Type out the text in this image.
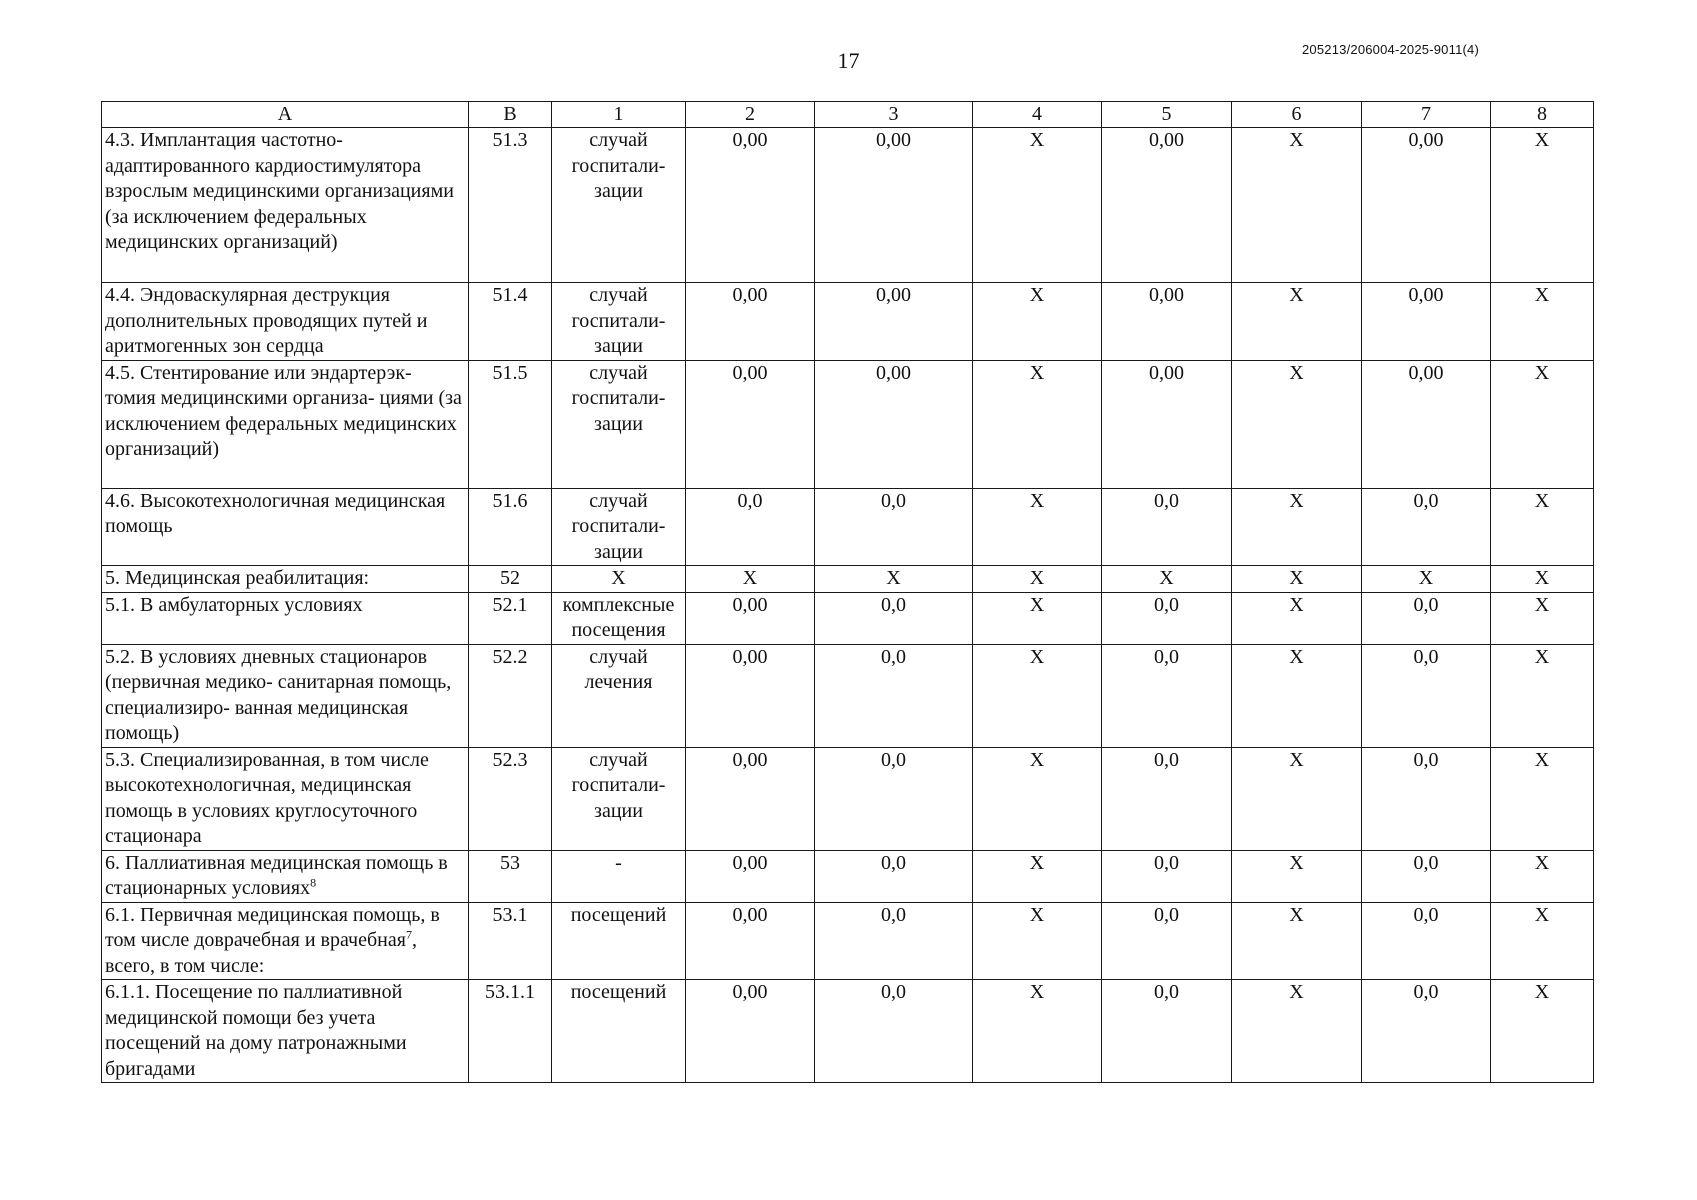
17	205213/206004-2025-9011(4)
А	В	1	2	3	4	5	6	7	8
4.3. Имплантация частотно-адаптированного кардиостимулятора взрослым медицинскими организациями (за исключением федеральных медицинских организаций)	51.3	случай госпитали- зации	0,00	0,00	Х	0,00	Х	0,00	Х
4.4. Эндоваскулярная деструкция дополнительных проводящих путей и аритмогенных зон сердца	51.4	случай госпитали- зации	0,00	0,00	Х	0,00	Х	0,00	Х
4.5. Стентирование или эндартерэк- томия медицинскими организа- циями (за исключением федеральных медицинских организаций)	51.5	случай госпитали- зации	0,00	0,00	Х	0,00	Х	0,00	Х
4.6. Высокотехнологичная медицинская помощь	51.6	случай госпитали- зации	0,0	0,0	Х	0,0	Х	0,0	Х
5. Медицинская реабилитация:	52	Х	Х	Х	Х	Х	Х	Х	Х
5.1. В амбулаторных условиях	52.1	комплексные посещения	0,00	0,0	Х	0,0	Х	0,0	Х
5.2. В условиях дневных стационаров (первичная медико- санитарная помощь, специализиро- ванная медицинская помощь)	52.2	случай лечения	0,00	0,0	Х	0,0	Х	0,0	Х
5.3. Специализированная, в том числе высокотехнологичная, медицинская помощь в условиях круглосуточного стационара	52.3	случай госпитали- зации	0,00	0,0	Х	0,0	Х	0,0	Х
6. Паллиативная медицинская помощь в стационарных условиях$^8$	53	-	0,00	0,0	Х	0,0	Х	0,0	Х
6.1. Первичная медицинская помощь, в том числе доврачебная и врачебная$^7$, всего, в том числе:	53.1	посещений	0,00	0,0	Х	0,0	Х	0,0	Х
6.1.1. Посещение по паллиативной медицинской помощи без учета посещений на дому патронажными бригадами	53.1.1	посещений	0,00	0,0	Х	0,0	Х	0,0	Х
